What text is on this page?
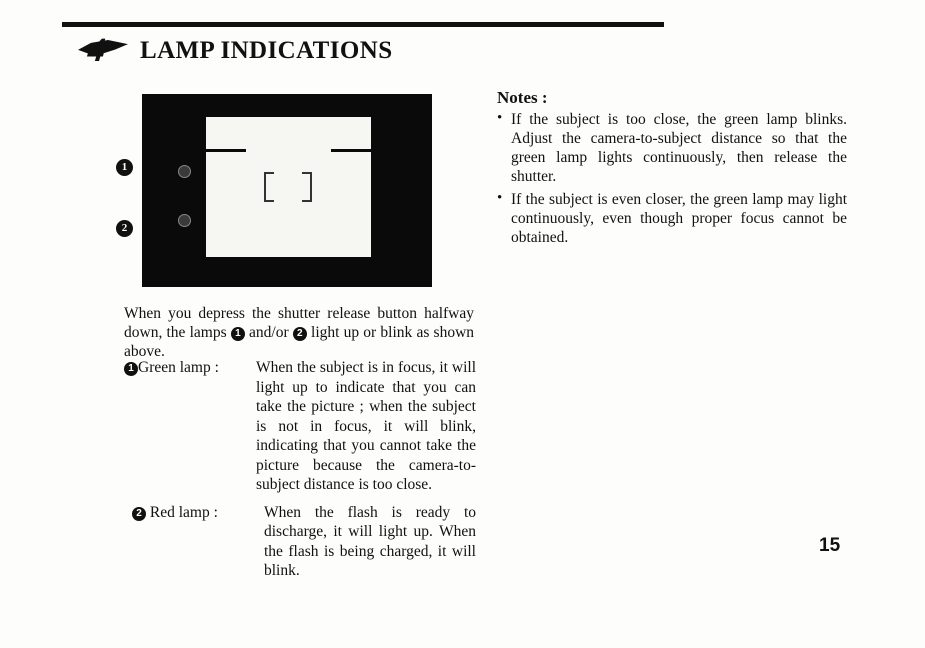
4 LAMP INDICATIONS
1
2

When you depress the shutter release button halfway down, the lamps 1 and/or 2 light up or blink as shown above.

1 Green lamp :	When the subject is in focus, it will light up to indicate that you can take the picture ; when the subject is not in focus, it will blink, indicating that you cannot take the picture because the camera-to-subject distance is too close.
2 Red lamp :	When the flash is ready to discharge, it will light up. When the flash is being charged, it will blink.
Notes :
• If the subject is too close, the green lamp blinks. Adjust the camera-to-subject distance so that the green lamp lights continuously, then release the shutter.
• If the subject is even closer, the green lamp may light continuously, even though proper focus cannot be obtained.
15
